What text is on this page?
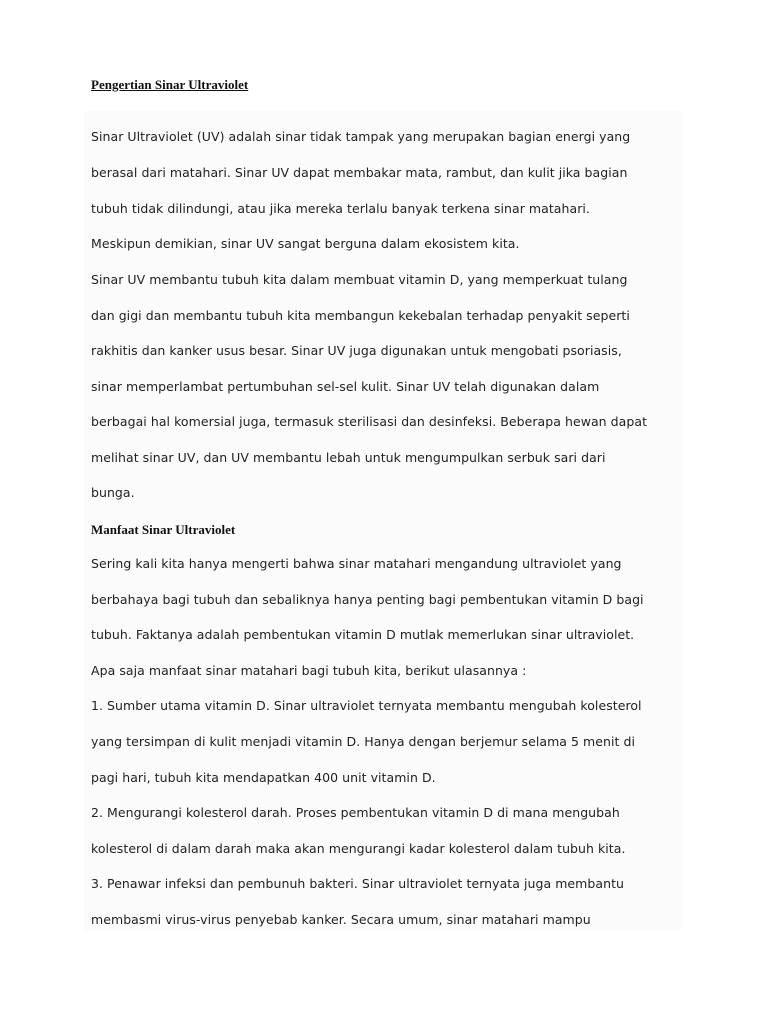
Pengertian Sinar Ultraviolet

Sinar Ultraviolet (UV) adalah sinar tidak tampak yang merupakan bagian energi yang

berasal dari matahari. Sinar UV dapat membakar mata, rambut, dan kulit jika bagian

tubuh tidak dilindungi, atau jika mereka terlalu banyak terkena sinar matahari.

Meskipun demikian, sinar UV sangat berguna dalam ekosistem kita.

Sinar UV membantu tubuh kita dalam membuat vitamin D, yang memperkuat tulang

dan gigi dan membantu tubuh kita membangun kekebalan terhadap penyakit seperti

rakhitis dan kanker usus besar. Sinar UV juga digunakan untuk mengobati psoriasis,

sinar memperlambat pertumbuhan sel-sel kulit. Sinar UV telah digunakan dalam

berbagai hal komersial juga, termasuk sterilisasi dan desinfeksi. Beberapa hewan dapat

melihat sinar UV, dan UV membantu lebah untuk mengumpulkan serbuk sari dari

bunga.

Manfaat Sinar Ultraviolet

Sering kali kita hanya mengerti bahwa sinar matahari mengandung ultraviolet yang

berbahaya bagi tubuh dan sebaliknya hanya penting bagi pembentukan vitamin D bagi

tubuh. Faktanya adalah pembentukan vitamin D mutlak memerlukan sinar ultraviolet.

Apa saja manfaat sinar matahari bagi tubuh kita, berikut ulasannya :

1. Sumber utama vitamin D. Sinar ultraviolet ternyata membantu mengubah kolesterol

yang tersimpan di kulit menjadi vitamin D. Hanya dengan berjemur selama 5 menit di

pagi hari, tubuh kita mendapatkan 400 unit vitamin D.

2. Mengurangi kolesterol darah. Proses pembentukan vitamin D di mana mengubah

kolesterol di dalam darah maka akan mengurangi kadar kolesterol dalam tubuh kita.

3. Penawar infeksi dan pembunuh bakteri. Sinar ultraviolet ternyata juga membantu

membasmi virus-virus penyebab kanker. Secara umum, sinar matahari mampu
